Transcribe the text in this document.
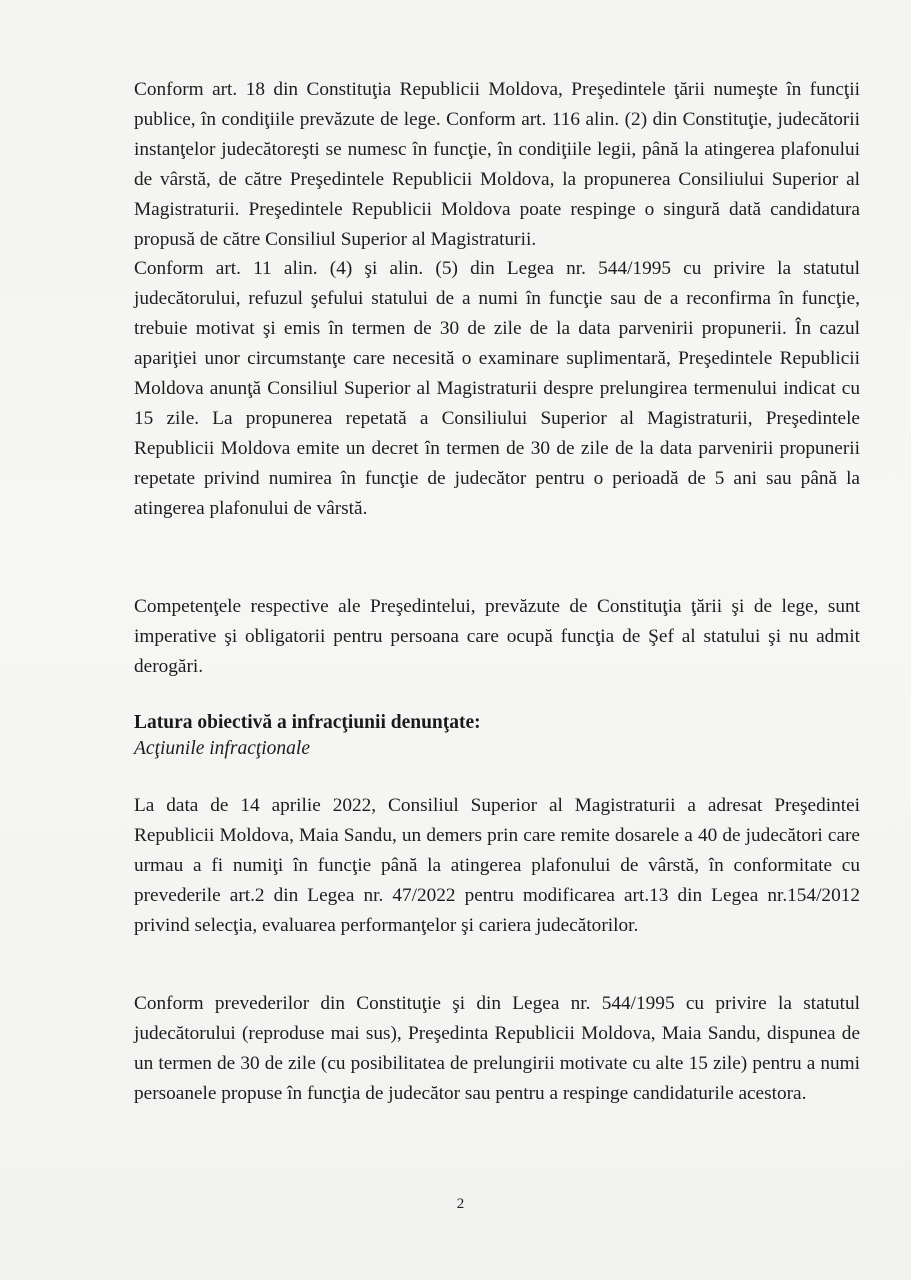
Conform art. 18 din Constituţia Republicii Moldova, Preşedintele ţării numeşte în funcţii publice, în condiţiile prevăzute de lege. Conform art. 116 alin. (2) din Constituţie, judecătorii instanţelor judecătoreşti se numesc în funcţie, în condiţiile legii, până la atingerea plafonului de vârstă, de către Preşedintele Republicii Moldova, la propunerea Consiliului Superior al Magistraturii. Preşedintele Republicii Moldova poate respinge o singură dată candidatura propusă de către Consiliul Superior al Magistraturii.

Conform art. 11 alin. (4) şi alin. (5) din Legea nr. 544/1995 cu privire la statutul judecătorului, refuzul şefului statului de a numi în funcţie sau de a reconfirma în funcţie, trebuie motivat şi emis în termen de 30 de zile de la data parvenirii propunerii. În cazul apariţiei unor circumstanţe care necesită o examinare suplimentară, Preşedintele Republicii Moldova anunţă Consiliul Superior al Magistraturii despre prelungirea termenului indicat cu 15 zile. La propunerea repetată a Consiliului Superior al Magistraturii, Preşedintele Republicii Moldova emite un decret în termen de 30 de zile de la data parvenirii propunerii repetate privind numirea în funcţie de judecător pentru o perioadă de 5 ani sau până la atingerea plafonului de vârstă.

Competenţele respective ale Preşedintelui, prevăzute de Constituţia ţării şi de lege, sunt imperative şi obligatorii pentru persoana care ocupă funcţia de Şef al statului şi nu admit derogări.

Latura obiectivă a infracţiunii denunţate:
Acţiunile infracţionale

La data de 14 aprilie 2022, Consiliul Superior al Magistraturii a adresat Preşedintei Republicii Moldova, Maia Sandu, un demers prin care remite dosarele a 40 de judecători care urmau a fi numiţi în funcţie până la atingerea plafonului de vârstă, în conformitate cu prevederile art.2 din Legea nr. 47/2022 pentru modificarea art.13 din Legea nr.154/2012 privind selecţia, evaluarea performanţelor şi cariera judecătorilor.

Conform prevederilor din Constituţie şi din Legea nr. 544/1995 cu privire la statutul judecătorului (reproduse mai sus), Preşedinta Republicii Moldova, Maia Sandu, dispunea de un termen de 30 de zile (cu posibilitatea de prelungirii motivate cu alte 15 zile) pentru a numi persoanele propuse în funcţia de judecător sau pentru a respinge candidaturile acestora.

2
